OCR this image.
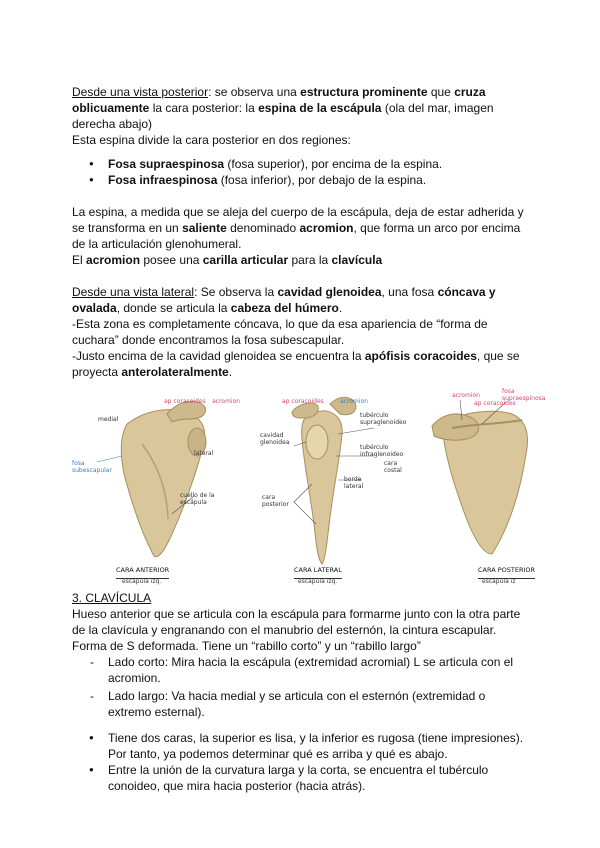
Desde una vista posterior: se observa una estructura prominente que cruza oblicuamente la cara posterior: la espina de la escápula (ola del mar, imagen derecha abajo)

Esta espina divide la cara posterior en dos regiones:

● Fosa supraespinosa (fosa superior), por encima de la espina.
● Fosa infraespinosa (fosa inferior), por debajo de la espina.

La espina, a medida que se aleja del cuerpo de la escápula, deja de estar adherida y se transforma en un saliente denominado acromion, que forma un arco por encima de la articulación glenohumeral.

El acromion posee una carilla articular para la clavícula

Desde una vista lateral: Se observa la cavidad glenoidea, una fosa cóncava y ovalada, donde se articula la cabeza del húmero.

-Esta zona es completamente cóncava, lo que da esa apariencia de “forma de cuchara” donde encontramos la fosa subescapular.

-Justo encima de la cavidad glenoidea se encuentra la apófisis coracoides, que se proyecta anterolateralmente.

medial
ap coracoides acromion
lateral
fosa subescapular
cuello de la escápula
CARA ANTERIOR
escápula izq.
ap coracoides	acromion
cavidad glenoidea
tubérculo supraglenoideo
tubérculo infraglenoideo
cara costal
borde lateral
cara posterior
CARA LATERAL
escápula izq.
acromion
ap coracoides
fosa supraespinosa
CARA POSTERIOR
escápula iz

3. CLAVÍCULA

Hueso anterior que se articula con la escápula para formarme junto con la otra parte de la clavícula y engranando con el manubrio del esternón, la cintura escapular.

Forma de S deformada. Tiene un “rabillo corto” y un “rabillo largo”

- Lado corto: Mira hacia la escápula (extremidad acromial) L se articula con el acromion.
- Lado largo: Va hacia medial y se articula con el esternón (extremidad o extremo esternal).
● Tiene dos caras, la superior es lisa, y la inferior es rugosa (tiene impresiones). Por tanto, ya podemos determinar qué es arriba y qué es abajo.
● Entre la unión de la curvatura larga y la corta, se encuentra el tubérculo conoideo, que mira hacia posterior (hacia atrás).
